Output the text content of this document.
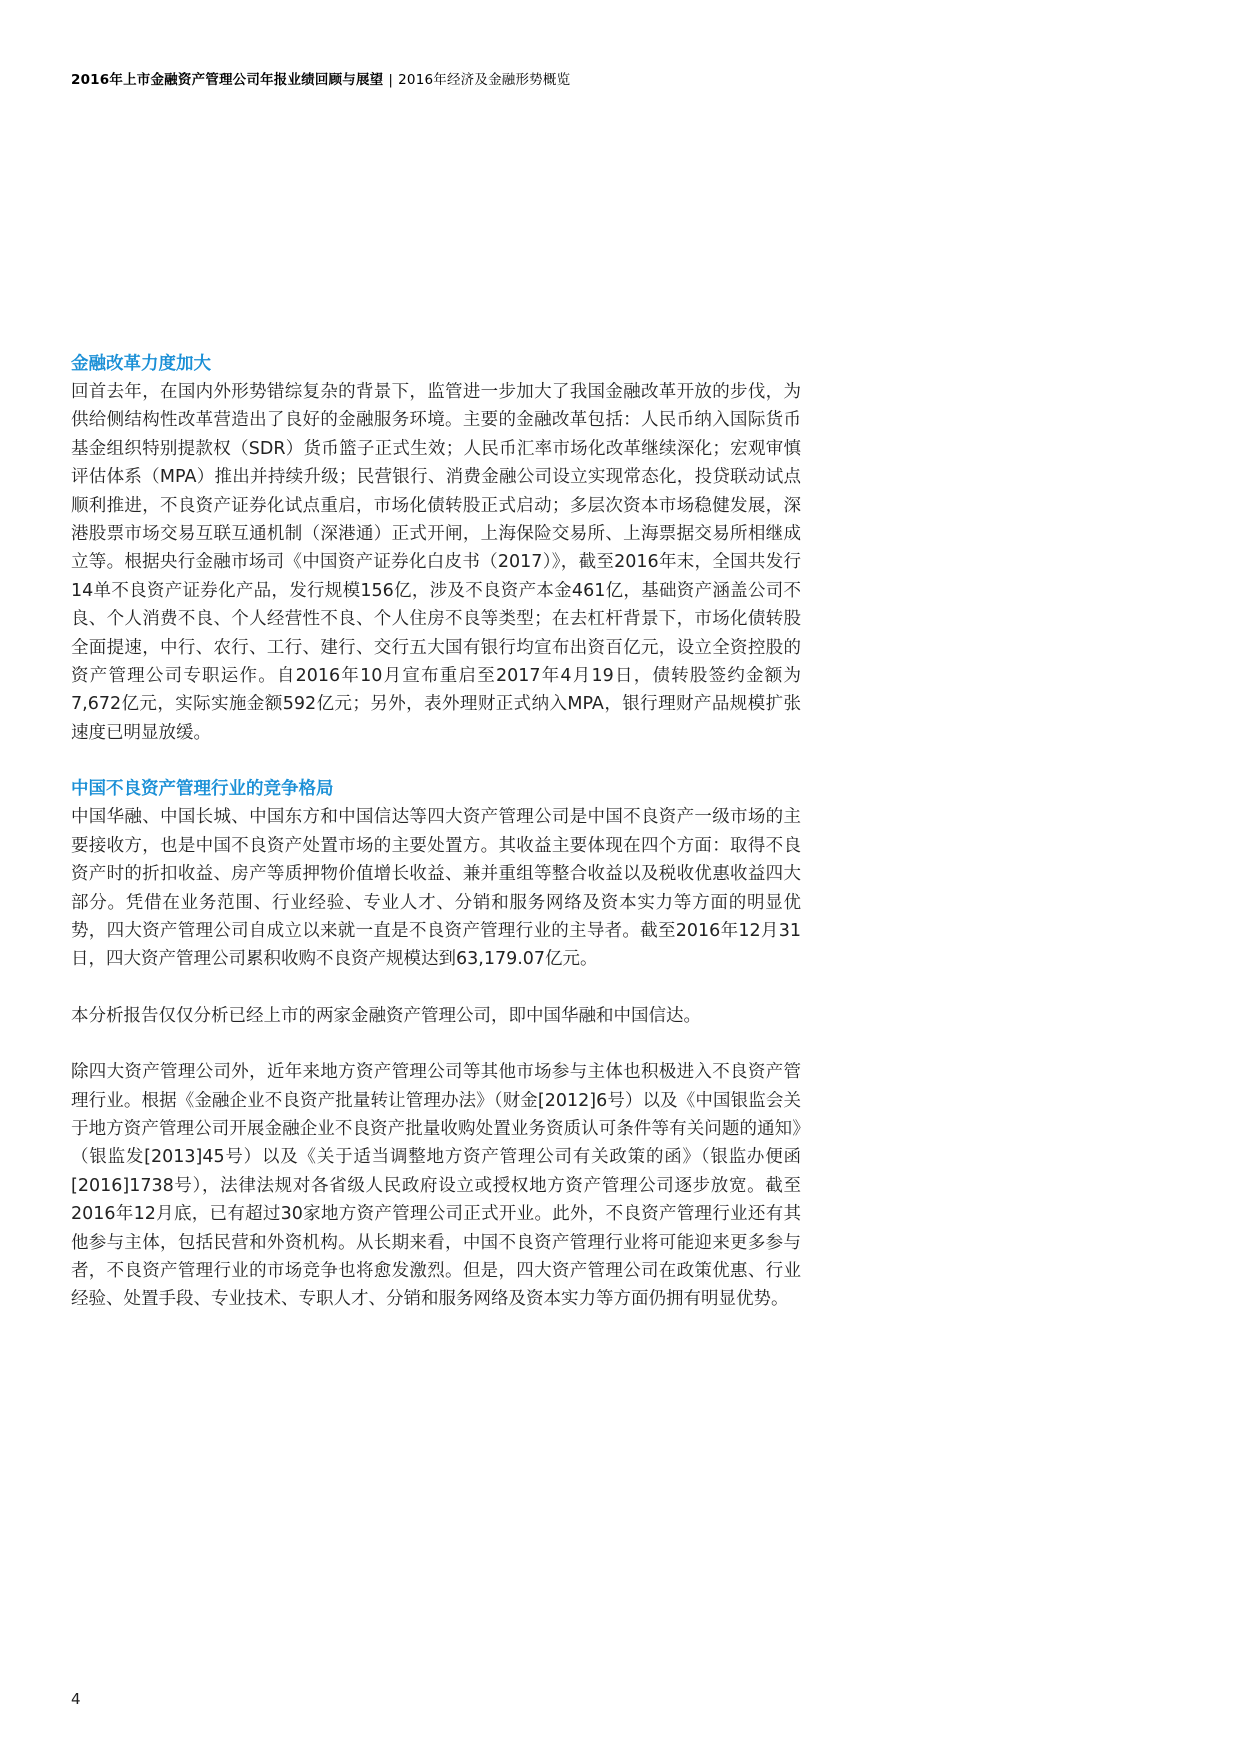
2016年上市金融资产管理公司年报业绩回顾与展望 | 2016年经济及金融形势概览
金融改革力度加大

回首去年，在国内外形势错综复杂的背景下，监管进一步加大了我国金融改革开放的步伐，为供给侧结构性改革营造出了良好的金融服务环境。主要的金融改革包括：人民币纳入国际货币基金组织特别提款权（SDR）货币篮子正式生效；人民币汇率市场化改革继续深化；宏观审慎评估体系（MPA）推出并持续升级；民营银行、消费金融公司设立实现常态化，投贷联动试点顺利推进，不良资产证券化试点重启，市场化债转股正式启动；多层次资本市场稳健发展，深港股票市场交易互联互通机制（深港通）正式开闸，上海保险交易所、上海票据交易所相继成立等。根据央行金融市场司《中国资产证券化白皮书（2017）》，截至2016年末，全国共发行14单不良资产证券化产品，发行规模156亿，涉及不良资产本金461亿，基础资产涵盖公司不良、个人消费不良、个人经营性不良、个人住房不良等类型；在去杠杆背景下，市场化债转股全面提速，中行、农行、工行、建行、交行五大国有银行均宣布出资百亿元，设立全资控股的资产管理公司专职运作。自2016年10月宣布重启至2017年4月19日，债转股签约金额为7,672亿元，实际实施金额592亿元；另外，表外理财正式纳入MPA，银行理财产品规模扩张速度已明显放缓。

中国不良资产管理行业的竞争格局

中国华融、中国长城、中国东方和中国信达等四大资产管理公司是中国不良资产一级市场的主要接收方，也是中国不良资产处置市场的主要处置方。其收益主要体现在四个方面：取得不良资产时的折扣收益、房产等质押物价值增长收益、兼并重组等整合收益以及税收优惠收益四大部分。凭借在业务范围、行业经验、专业人才、分销和服务网络及资本实力等方面的明显优势，四大资产管理公司自成立以来就一直是不良资产管理行业的主导者。截至2016年12月31日，四大资产管理公司累积收购不良资产规模达到63,179.07亿元。

本分析报告仅仅分析已经上市的两家金融资产管理公司，即中国华融和中国信达。

除四大资产管理公司外，近年来地方资产管理公司等其他市场参与主体也积极进入不良资产管理行业。根据《金融企业不良资产批量转让管理办法》（财金[2012]6号）以及《中国银监会关于地方资产管理公司开展金融企业不良资产批量收购处置业务资质认可条件等有关问题的通知》（银监发[2013]45号）以及《关于适当调整地方资产管理公司有关政策的函》（银监办便函[2016]1738号），法律法规对各省级人民政府设立或授权地方资产管理公司逐步放宽。截至2016年12月底，已有超过30家地方资产管理公司正式开业。此外，不良资产管理行业还有其他参与主体，包括民营和外资机构。从长期来看，中国不良资产管理行业将可能迎来更多参与者，不良资产管理行业的市场竞争也将愈发激烈。但是，四大资产管理公司在政策优惠、行业经验、处置手段、专业技术、专职人才、分销和服务网络及资本实力等方面仍拥有明显优势。

4
